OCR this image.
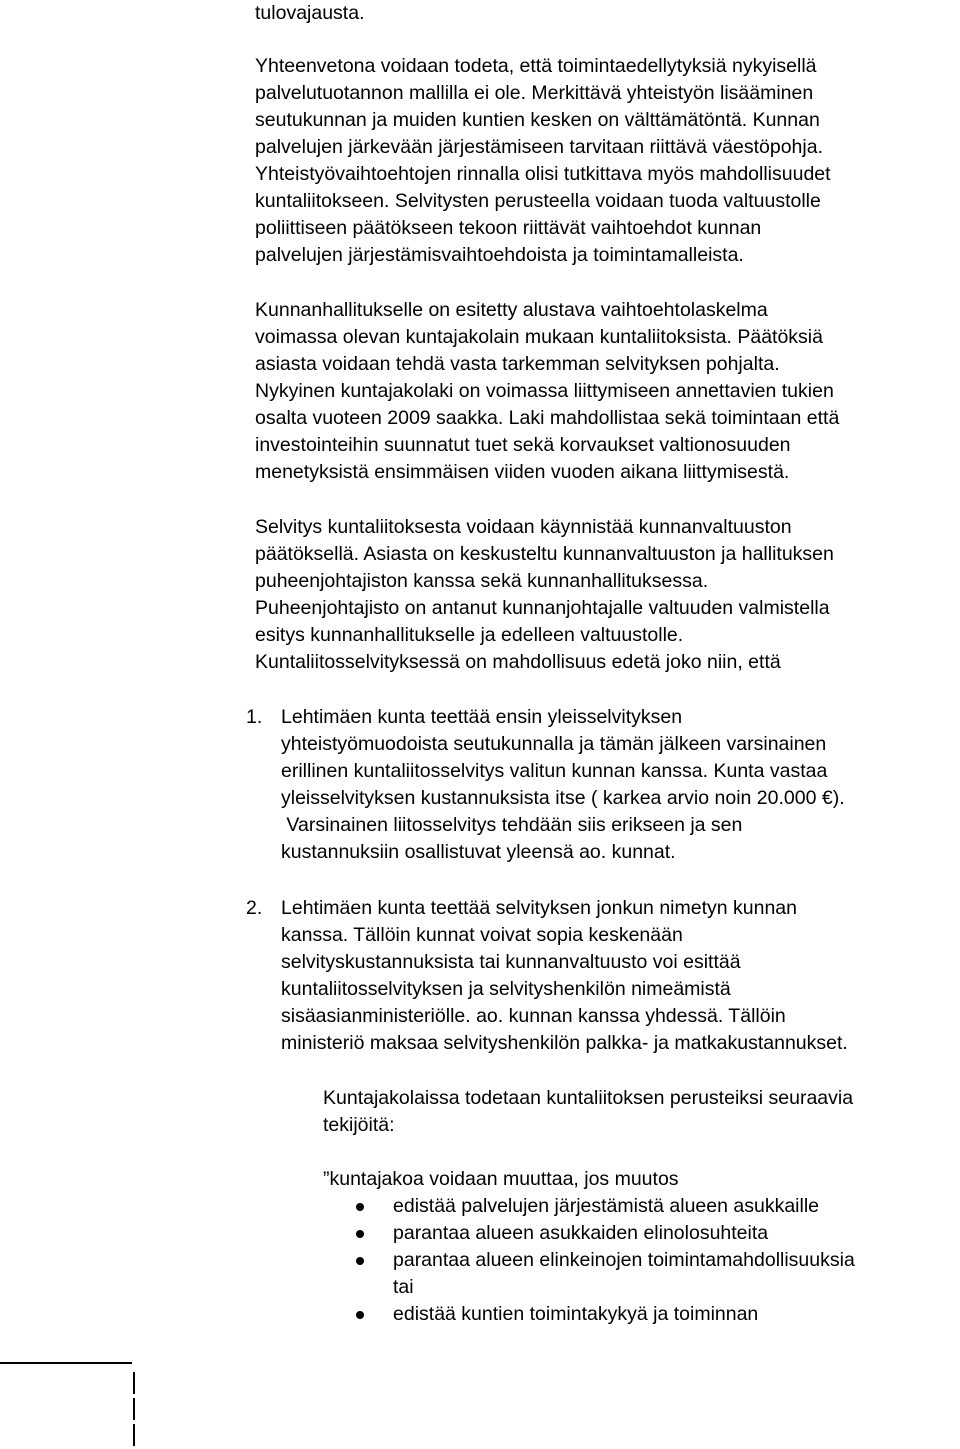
tulovajausta.
Yhteenvetona voidaan todeta, että toimintaedellytyksiä nykyisellä
palvelutuotannon mallilla ei ole. Merkittävä yhteistyön lisääminen
seutukunnan ja muiden kuntien kesken on välttämätöntä. Kunnan
palvelujen järkevään järjestämiseen tarvitaan riittävä väestöpohja.
Yhteistyövaihtoehtojen rinnalla olisi tutkittava myös mahdollisuudet
kuntaliitokseen. Selvitysten perusteella voidaan tuoda valtuustolle
poliittiseen päätökseen tekoon riittävät vaihtoehdot kunnan
palvelujen järjestämisvaihtoehdoista ja toimintamalleista.
Kunnanhallitukselle on esitetty alustava vaihtoehtolaskelma
voimassa olevan kuntajakolain mukaan kuntaliitoksista. Päätöksiä
asiasta voidaan tehdä vasta tarkemman selvityksen pohjalta.
Nykyinen kuntajakolaki on voimassa liittymiseen annettavien tukien
osalta vuoteen 2009 saakka. Laki mahdollistaa sekä toimintaan että
investointeihin suunnatut tuet sekä korvaukset valtionosuuden
menetyksistä ensimmäisen viiden vuoden aikana liittymisestä.
Selvitys kuntaliitoksesta voidaan käynnistää kunnanvaltuuston
päätöksellä. Asiasta on keskusteltu kunnanvaltuuston ja hallituksen
puheenjohtajiston kanssa sekä kunnanhallituksessa.
Puheenjohtajisto on antanut kunnanjohtajalle valtuuden valmistella
esitys kunnanhallitukselle ja edelleen valtuustolle.
Kuntaliitosselvityksessä on mahdollisuus edetä joko niin, että
1. Lehtimäen kunta teettää ensin yleisselvityksen
yhteistyömuodoista seutukunnalla ja tämän jälkeen varsinainen
erillinen kuntaliitosselvitys valitun kunnan kanssa. Kunta vastaa
yleisselvityksen kustannuksista itse ( karkea arvio noin 20.000 €).
Varsinainen liitosselvitys tehdään siis erikseen ja sen
kustannuksiin osallistuvat yleensä ao. kunnat.
2. Lehtimäen kunta teettää selvityksen jonkun nimetyn kunnan
kanssa. Tällöin kunnat voivat sopia keskenään
selvityskustannuksista tai kunnanvaltuusto voi esittää
kuntaliitosselvityksen ja selvityshenkilön nimeämistä
sisäasianministeriölle. ao. kunnan kanssa yhdessä. Tällöin
ministeriö maksaa selvityshenkilön palkka- ja matkakustannukset.
Kuntajakolaissa todetaan kuntaliitoksen perusteiksi seuraavia
tekijöitä:
”kuntajakoa voidaan muuttaa, jos muutos
edistää palvelujen järjestämistä alueen asukkaille
parantaa alueen asukkaiden elinolosuhteita
parantaa alueen elinkeinojen toimintamahdollisuuksia
tai
edistää kuntien toimintakykyä ja toiminnan
